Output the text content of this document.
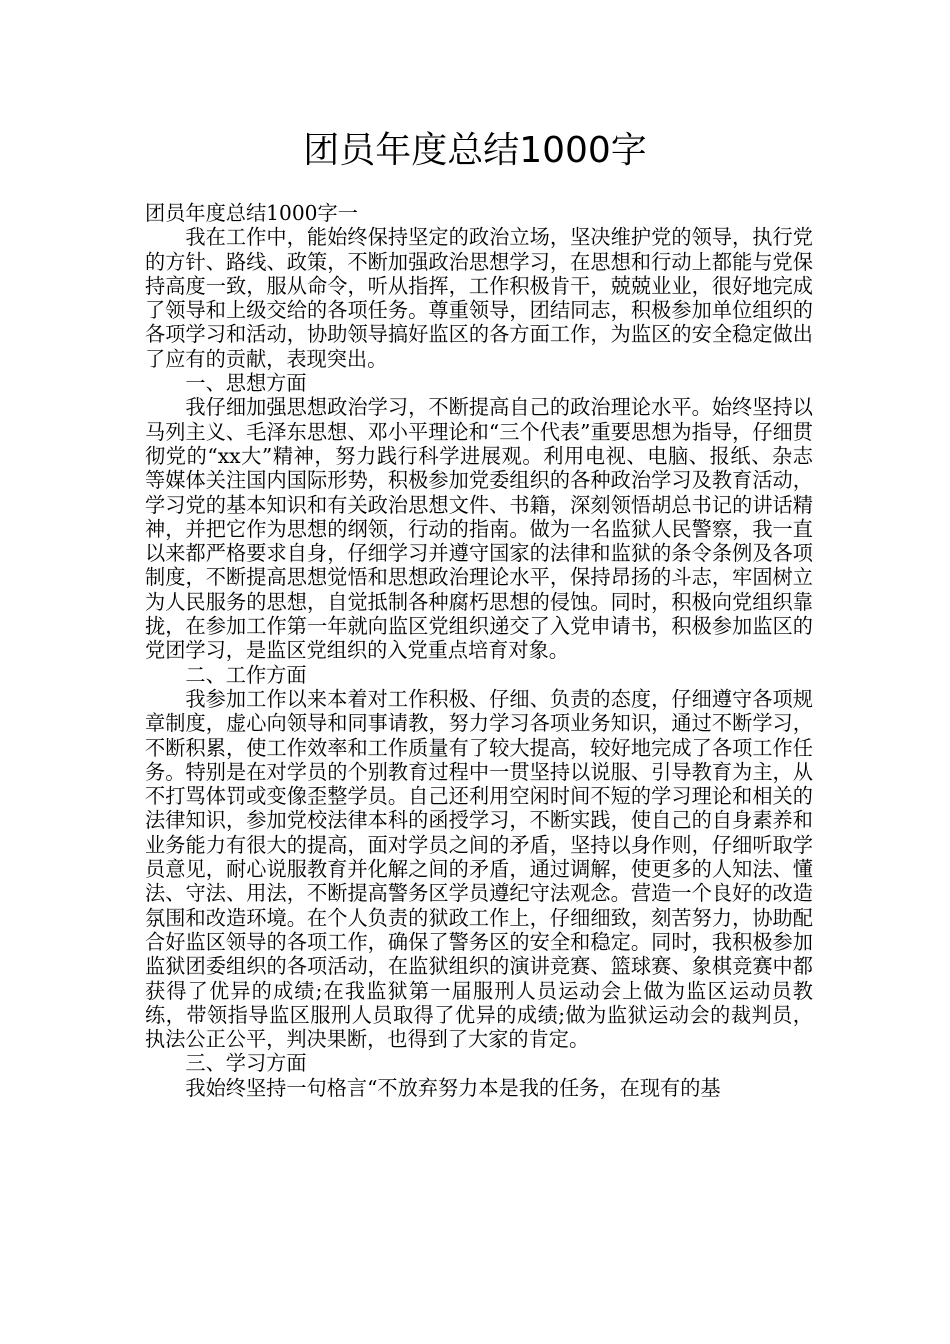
团员年度总结1000字

团员年度总结1000字一

我在工作中，能始终保持坚定的政治立场，坚决维护党的领导，执行党的方针、路线、政策，不断加强政治思想学习，在思想和行动上都能与党保持高度一致，服从命令，听从指挥，工作积极肯干，兢兢业业，很好地完成了领导和上级交给的各项任务。尊重领导，团结同志，积极参加单位组织的各项学习和活动，协助领导搞好监区的各方面工作，为监区的安全稳定做出了应有的贡献，表现突出。

一、思想方面

我仔细加强思想政治学习，不断提高自己的政治理论水平。始终坚持以马列主义、毛泽东思想、邓小平理论和“三个代表”重要思想为指导，仔细贯彻党的“xx大”精神，努力践行科学进展观。利用电视、电脑、报纸、杂志等媒体关注国内国际形势，积极参加党委组织的各种政治学习及教育活动，学习党的基本知识和有关政治思想文件、书籍，深刻领悟胡总书记的讲话精神，并把它作为思想的纲领，行动的指南。做为一名监狱人民警察，我一直以来都严格要求自身，仔细学习并遵守国家的法律和监狱的条令条例及各项制度，不断提高思想觉悟和思想政治理论水平，保持昂扬的斗志，牢固树立为人民服务的思想，自觉抵制各种腐朽思想的侵蚀。同时，积极向党组织靠拢，在参加工作第一年就向监区党组织递交了入党申请书，积极参加监区的党团学习，是监区党组织的入党重点培育对象。

二、工作方面

我参加工作以来本着对工作积极、仔细、负责的态度，仔细遵守各项规章制度，虚心向领导和同事请教，努力学习各项业务知识，通过不断学习，不断积累，使工作效率和工作质量有了较大提高，较好地完成了各项工作任务。特别是在对学员的个别教育过程中一贯坚持以说服、引导教育为主，从不打骂体罚或变像歪整学员。自己还利用空闲时间不短的学习理论和相关的法律知识，参加党校法律本科的函授学习，不断实践，使自己的自身素养和业务能力有很大的提高，面对学员之间的矛盾，坚持以身作则，仔细听取学员意见，耐心说服教育并化解之间的矛盾，通过调解，使更多的人知法、懂法、守法、用法，不断提高警务区学员遵纪守法观念。营造一个良好的改造氛围和改造环境。在个人负责的狱政工作上，仔细细致，刻苦努力，协助配合好监区领导的各项工作，确保了警务区的安全和稳定。同时，我积极参加监狱团委组织的各项活动，在监狱组织的演讲竞赛、篮球赛、象棋竞赛中都获得了优异的成绩;在我监狱第一届服刑人员运动会上做为监区运动员教练，带领指导监区服刑人员取得了优异的成绩;做为监狱运动会的裁判员，执法公正公平，判决果断，也得到了大家的肯定。

三、学习方面

我始终坚持一句格言“不放弃努力本是我的任务，在现有的基
